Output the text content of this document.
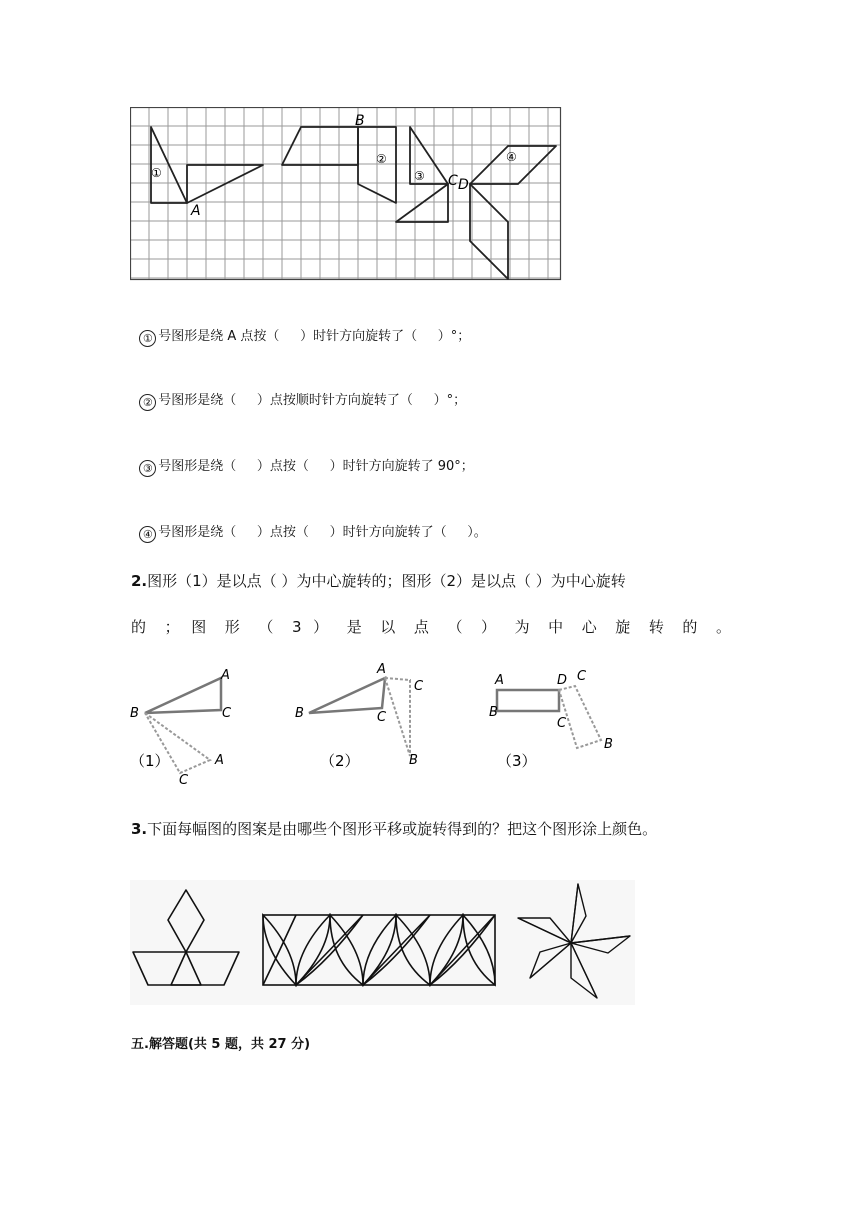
B
A
C D
①
②
③
④

① 号图形是绕 A 点按（     ）时针方向旋转了（     ）°；

② 号图形是绕（     ）点按顺时针方向旋转了（     ）°；

③ 号图形是绕（     ）点按（     ）时针方向旋转了 90°；

④ 号图形是绕（     ）点按（     ）时针方向旋转了（     ）。

2.图形（1）是以点（ ）为中心旋转的；图形（2）是以点（ ）为中心旋转
的 ； 图 形 （ 3 ） 是 以 点 （ ） 为 中 心 旋 转 的 。
A
B	C
A
C
（1）
A
B	C
C
B
（2）
A
B
D C
C
B
（3）
3.下面每幅图的图案是由哪些个图形平移或旋转得到的？把这个图形涂上颜色。
五.解答题(共 5 题，共 27 分)
